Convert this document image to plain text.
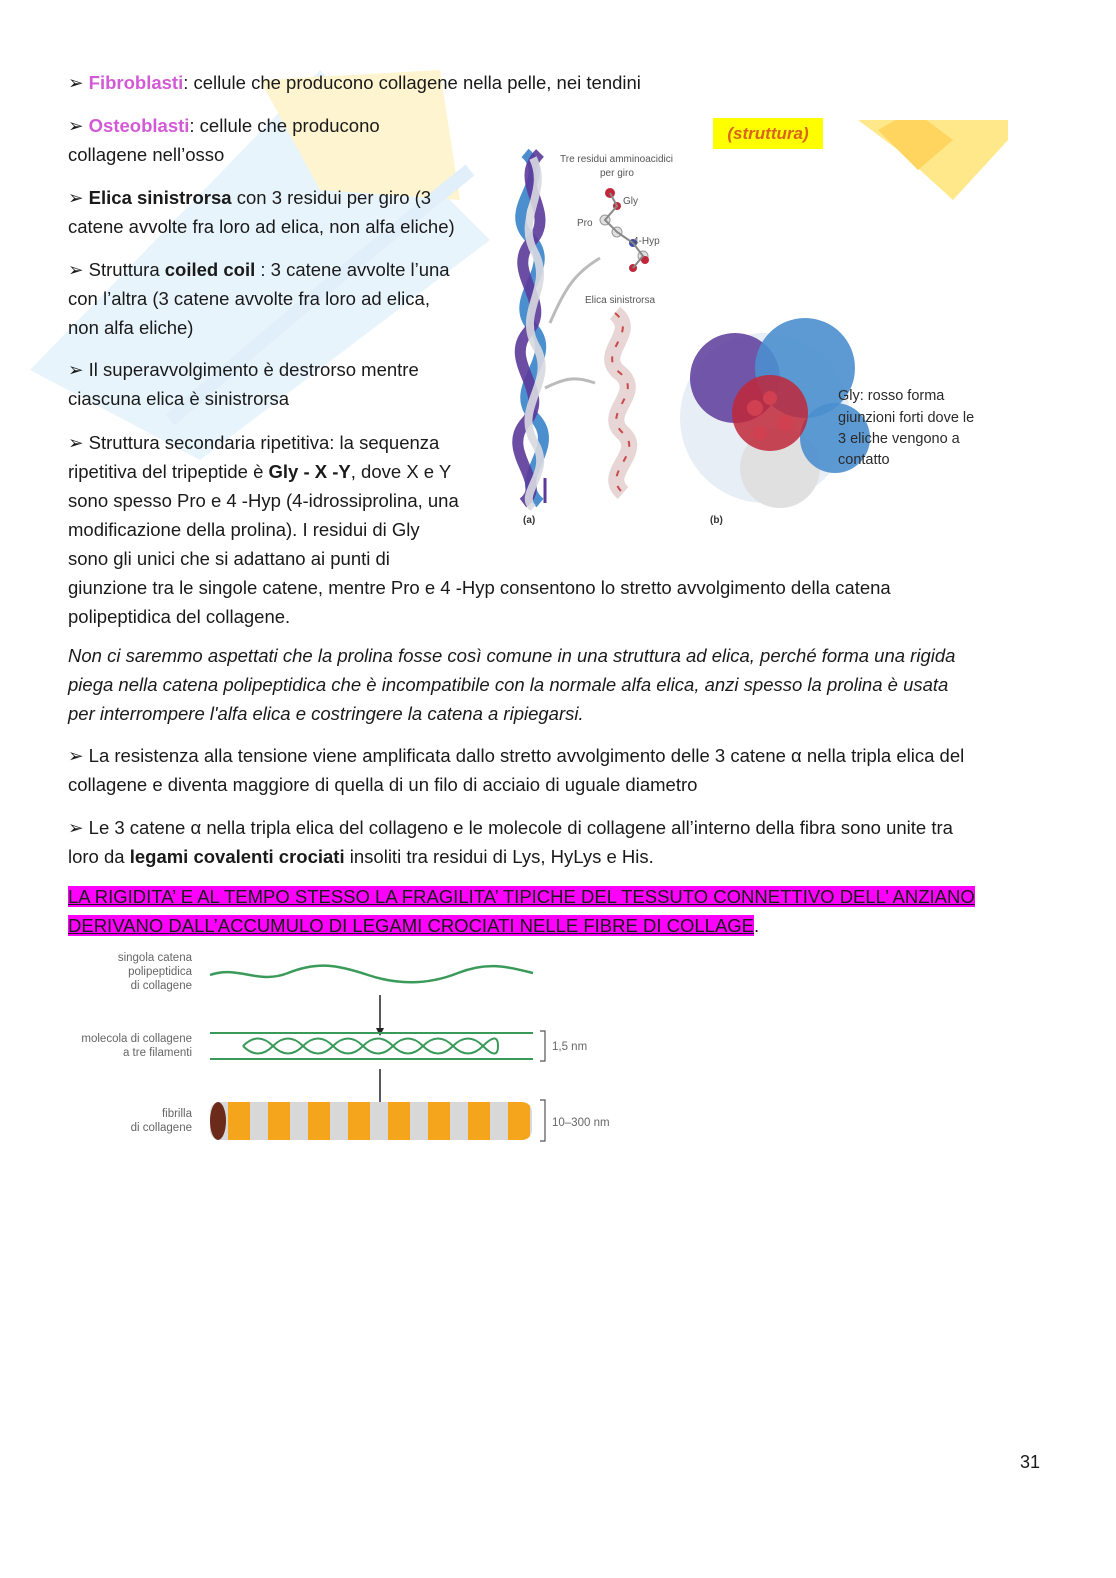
➢ Fibroblasti: cellule che producono collagene nella pelle, nei tendini

➢ Osteoblasti: cellule che producono
collagene nell’osso

➢ Elica sinistrorsa con 3 residui per giro (3
catene avvolte fra loro ad elica, non alfa eliche)

➢ Struttura coiled coil : 3 catene avvolte l’una
con l’altra (3 catene avvolte fra loro ad elica,
non alfa eliche)

➢ Il superavvolgimento è destrorso mentre
ciascuna elica è sinistrorsa

➢ Struttura secondaria ripetitiva: la sequenza
ripetitiva del tripeptide è Gly - X -Y, dove X e Y
sono spesso Pro e 4 -Hyp (4-idrossiprolina, una
modificazione della prolina). I residui di Gly
sono gli unici che si adattano ai punti di
giunzione tra le singole catene, mentre Pro e 4 -Hyp consentono lo stretto avvolgimento della catena
polipeptidica del collagene.

Non ci saremmo aspettati che la prolina fosse così comune in una struttura ad elica, perché forma una rigida
piega nella catena polipeptidica che è incompatibile con la normale alfa elica, anzi spesso la prolina è usata
per interrompere l'alfa elica e costringere la catena a ripiegarsi.

➢ La resistenza alla tensione viene amplificata dallo stretto avvolgimento delle 3 catene α nella tripla elica del
collagene e diventa maggiore di quella di un filo di acciaio di uguale diametro

➢ Le 3 catene α nella tripla elica del collageno e le molecole di collagene all’interno della fibra sono unite tra
loro da legami covalenti crociati insoliti tra residui di Lys, HyLys e His.

LA RIGIDITA’ E AL TEMPO STESSO LA FRAGILITA’ TIPICHE DEL TESSUTO CONNETTIVO DELL’ ANZIANO
DERIVANO DALL’ACCUMULO DI LEGAMI CROCIATI NELLE FIBRE DI COLLAGE.

(struttura)
Tre residui amminoacidici
per giro
Gly
Pro
4-Hyp
Elica sinistrorsa
(a)	(b)
Gly: rosso forma
giunzioni forti dove le
3 eliche vengono a
contatto
singola catena
polipeptidica
di collagene
molecola di collagene
a tre filamenti	1,5 nm
fibrilla
di collagene	10–300 nm
31
